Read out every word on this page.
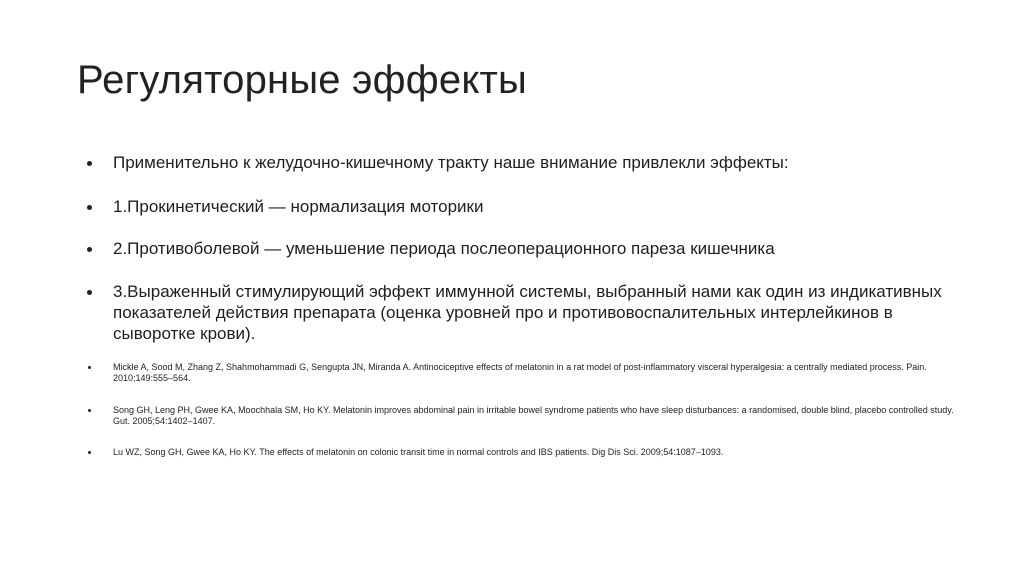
Регуляторные эффекты
Применительно к желудочно-кишечному тракту наше внимание привлекли эффекты:
1.Прокинетический — нормализация моторики
2.Противоболевой — уменьшение периода послеоперационного пареза кишечника
3.Выраженный стимулирующий эффект иммунной системы, выбранный нами как один из индикативных показателей действия препарата (оценка уровней про и противовоспалительных интерлейкинов в сыворотке крови).
Mickle A, Sood M, Zhang Z, Shahmohammadi G, Sengupta JN, Miranda A. Antinociceptive effects of melatonin in a rat model of post-inflammatory visceral hyperalgesia: a centrally mediated process. Pain. 2010;149:555–564.
Song GH, Leng PH, Gwee KA, Moochhala SM, Ho KY. Melatonin improves abdominal pain in irritable bowel syndrome patients who have sleep disturbances: a randomised, double blind, placebo controlled study. Gut. 2005;54:1402–1407.
Lu WZ, Song GH, Gwee KA, Ho KY. The effects of melatonin on colonic transit time in normal controls and IBS patients. Dig Dis Sci. 2009;54:1087–1093.
